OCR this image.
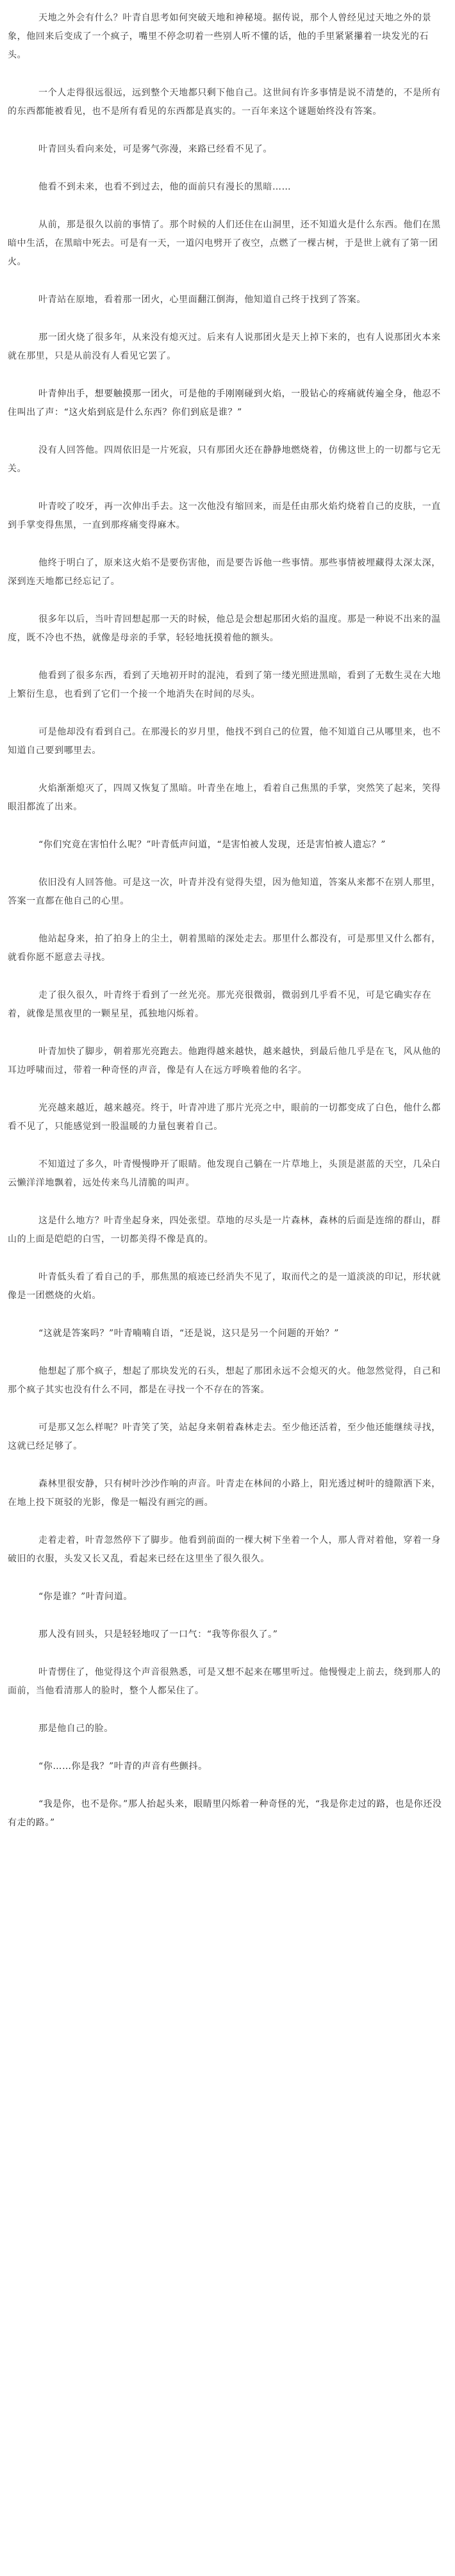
天地之外会有什么？叶青自思考如何突破天地和神秘境。据传说，那个人曾经见过天地之外的景象，他回来后变成了一个疯子，嘴里不停念叨着一些别人听不懂的话，他的手里紧紧攥着一块发光的石头。

一个人走得很远很远，远到整个天地都只剩下他自己。这世间有许多事情是说不清楚的，不是所有的东西都能被看见，也不是所有看见的东西都是真实的。一百年来这个谜题始终没有答案。

叶青回头看向来处，可是雾气弥漫，来路已经看不见了。

他看不到未来，也看不到过去，他的面前只有漫长的黑暗……

从前，那是很久以前的事情了。那个时候的人们还住在山洞里，还不知道火是什么东西。他们在黑暗中生活，在黑暗中死去。可是有一天，一道闪电劈开了夜空，点燃了一棵古树，于是世上就有了第一团火。

叶青站在原地，看着那一团火，心里面翻江倒海，他知道自己终于找到了答案。

那一团火烧了很多年，从来没有熄灭过。后来有人说那团火是天上掉下来的，也有人说那团火本来就在那里，只是从前没有人看见它罢了。

叶青伸出手，想要触摸那一团火，可是他的手刚刚碰到火焰，一股钻心的疼痛就传遍全身，他忍不住叫出了声：“这火焰到底是什么东西？你们到底是谁？”

没有人回答他。四周依旧是一片死寂，只有那团火还在静静地燃烧着，仿佛这世上的一切都与它无关。

叶青咬了咬牙，再一次伸出手去。这一次他没有缩回来，而是任由那火焰灼烧着自己的皮肤，一直到手掌变得焦黑，一直到那疼痛变得麻木。

他终于明白了，原来这火焰不是要伤害他，而是要告诉他一些事情。那些事情被埋藏得太深太深，深到连天地都已经忘记了。

很多年以后，当叶青回想起那一天的时候，他总是会想起那团火焰的温度。那是一种说不出来的温度，既不冷也不热，就像是母亲的手掌，轻轻地抚摸着他的额头。

他看到了很多东西，看到了天地初开时的混沌，看到了第一缕光照进黑暗，看到了无数生灵在大地上繁衍生息，也看到了它们一个接一个地消失在时间的尽头。

可是他却没有看到自己。在那漫长的岁月里，他找不到自己的位置，他不知道自己从哪里来，也不知道自己要到哪里去。

火焰渐渐熄灭了，四周又恢复了黑暗。叶青坐在地上，看着自己焦黑的手掌，突然笑了起来，笑得眼泪都流了出来。

“你们究竟在害怕什么呢？”叶青低声问道，“是害怕被人发现，还是害怕被人遗忘？”

依旧没有人回答他。可是这一次，叶青并没有觉得失望，因为他知道，答案从来都不在别人那里，答案一直都在他自己的心里。

他站起身来，拍了拍身上的尘土，朝着黑暗的深处走去。那里什么都没有，可是那里又什么都有，就看你愿不愿意去寻找。

走了很久很久，叶青终于看到了一丝光亮。那光亮很微弱，微弱到几乎看不见，可是它确实存在着，就像是黑夜里的一颗星星，孤独地闪烁着。

叶青加快了脚步，朝着那光亮跑去。他跑得越来越快，越来越快，到最后他几乎是在飞，风从他的耳边呼啸而过，带着一种奇怪的声音，像是有人在远方呼唤着他的名字。

光亮越来越近，越来越亮。终于，叶青冲进了那片光亮之中，眼前的一切都变成了白色，他什么都看不见了，只能感觉到一股温暖的力量包裹着自己。

不知道过了多久，叶青慢慢睁开了眼睛。他发现自己躺在一片草地上，头顶是湛蓝的天空，几朵白云懒洋洋地飘着，远处传来鸟儿清脆的叫声。

这是什么地方？叶青坐起身来，四处张望。草地的尽头是一片森林，森林的后面是连绵的群山，群山的上面是皑皑的白雪，一切都美得不像是真的。

叶青低头看了看自己的手，那焦黑的痕迹已经消失不见了，取而代之的是一道淡淡的印记，形状就像是一团燃烧的火焰。

“这就是答案吗？”叶青喃喃自语，“还是说，这只是另一个问题的开始？”

他想起了那个疯子，想起了那块发光的石头，想起了那团永远不会熄灭的火。他忽然觉得，自己和那个疯子其实也没有什么不同，都是在寻找一个不存在的答案。

可是那又怎么样呢？叶青笑了笑，站起身来朝着森林走去。至少他还活着，至少他还能继续寻找，这就已经足够了。

森林里很安静，只有树叶沙沙作响的声音。叶青走在林间的小路上，阳光透过树叶的缝隙洒下来，在地上投下斑驳的光影，像是一幅没有画完的画。

走着走着，叶青忽然停下了脚步。他看到前面的一棵大树下坐着一个人，那人背对着他，穿着一身破旧的衣服，头发又长又乱，看起来已经在这里坐了很久很久。

“你是谁？”叶青问道。

那人没有回头，只是轻轻地叹了一口气：“我等你很久了。”

叶青愣住了，他觉得这个声音很熟悉，可是又想不起来在哪里听过。他慢慢走上前去，绕到那人的面前，当他看清那人的脸时，整个人都呆住了。

那是他自己的脸。

“你……你是我？”叶青的声音有些颤抖。

“我是你，也不是你。”那人抬起头来，眼睛里闪烁着一种奇怪的光，“我是你走过的路，也是你还没有走的路。”
